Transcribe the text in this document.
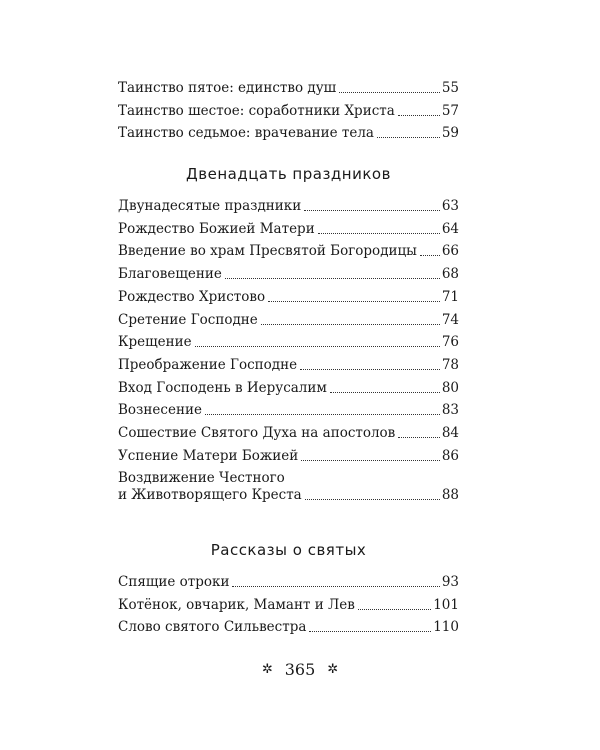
Таинство пятое: единство душ	55
Таинство шестое: соработники Христа	57
Таинство седьмое: врачевание тела	59
Двенадцать праздников
Двунадесятые праздники	63
Рождество Божией Матери	64
Введение во храм Пресвятой Богородицы 66
Благовещение	68
Рождество Христово	71
Сретение Господне	74
Крещение	76
Преображение Господне	78
Вход Господень в Иерусалим	80
Вознесение	83
Сошествие Святого Духа на апостолов	84
Успение Матери Божией	86
Воздвижение Честного
и Животворящего Креста	88
Рассказы о святых
Спящие отроки	93
Котёнок, овчарик, Мамант и Лев	101
Слово святого Сильвестра	110
✲ 365 ✲
